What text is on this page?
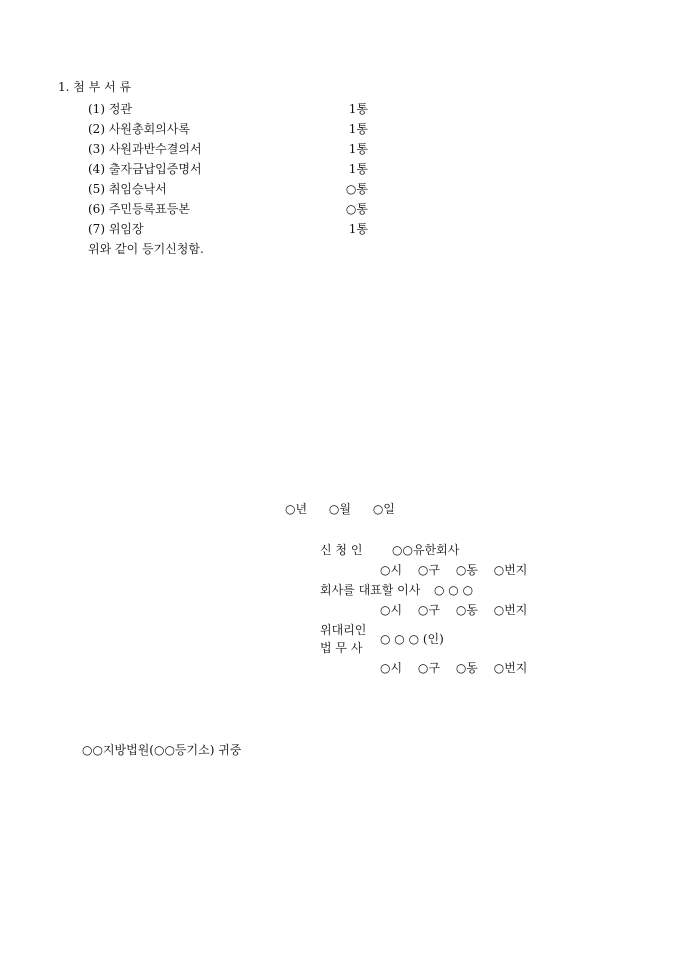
1. 첨 부 서 류
(1) 정관	1통
(2) 사원총회의사록	1통
(3) 사원과반수결의서	1통
(4) 출자금납입증명서	1통
(5) 취임승낙서	○통
(6) 주민등록표등본	○통
(7) 위임장	1통
위와 같이 등기신청함.
○년 ○월 ○일
신 청 인 ○○유한회사
○시 ○구 ○동 ○번지
회사를 대표할 이사 ○ ○ ○
○시 ○구 ○동 ○번지
위대리인
법 무 사
○ ○ ○ (인)
○시 ○구 ○동 ○번지
○○지방법원(○○등기소) 귀중
